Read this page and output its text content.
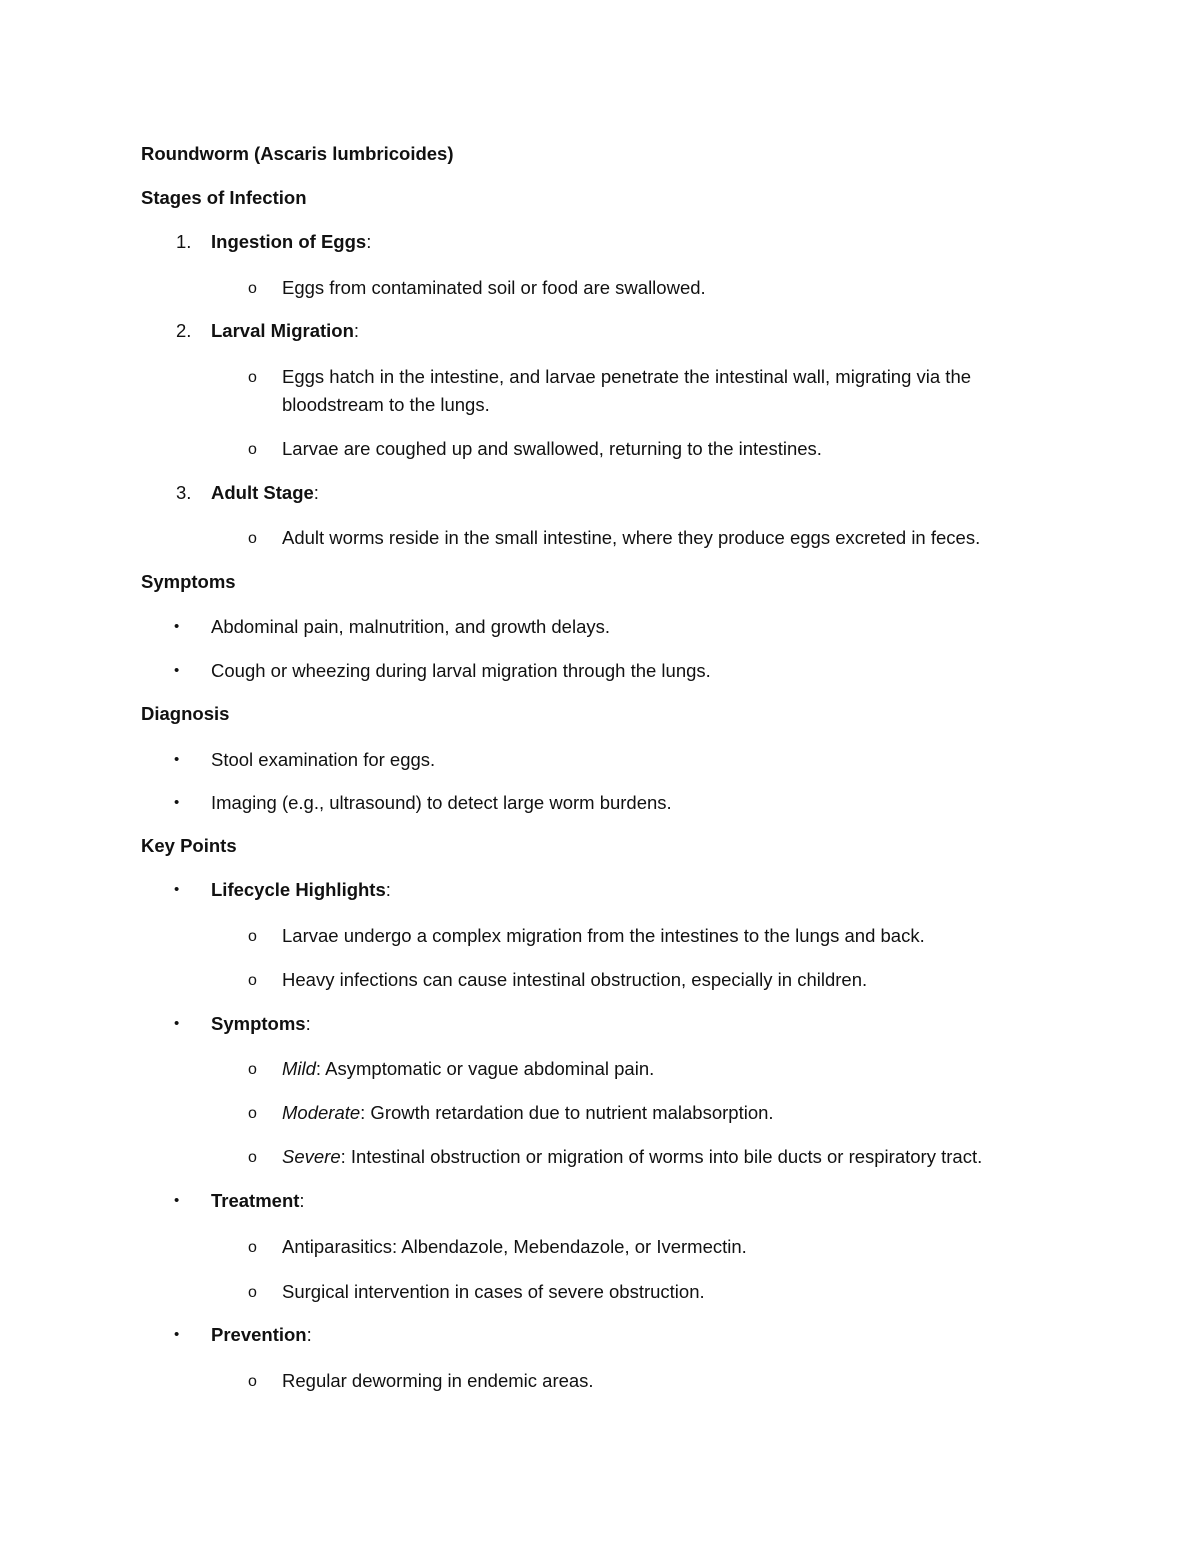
Roundworm (Ascaris lumbricoides)
Stages of Infection
1. Ingestion of Eggs:
o Eggs from contaminated soil or food are swallowed.
2. Larval Migration:
o Eggs hatch in the intestine, and larvae penetrate the intestinal wall, migrating via the
bloodstream to the lungs.
o Larvae are coughed up and swallowed, returning to the intestines.
3. Adult Stage:
o Adult worms reside in the small intestine, where they produce eggs excreted in feces.
Symptoms
• Abdominal pain, malnutrition, and growth delays.
• Cough or wheezing during larval migration through the lungs.
Diagnosis
• Stool examination for eggs.
• Imaging (e.g., ultrasound) to detect large worm burdens.
Key Points
• Lifecycle Highlights:
o Larvae undergo a complex migration from the intestines to the lungs and back.
o Heavy infections can cause intestinal obstruction, especially in children.
• Symptoms:
o Mild: Asymptomatic or vague abdominal pain.
o Moderate: Growth retardation due to nutrient malabsorption.
o Severe: Intestinal obstruction or migration of worms into bile ducts or respiratory tract.
• Treatment:
o Antiparasitics: Albendazole, Mebendazole, or Ivermectin.
o Surgical intervention in cases of severe obstruction.
• Prevention:
o Regular deworming in endemic areas.
